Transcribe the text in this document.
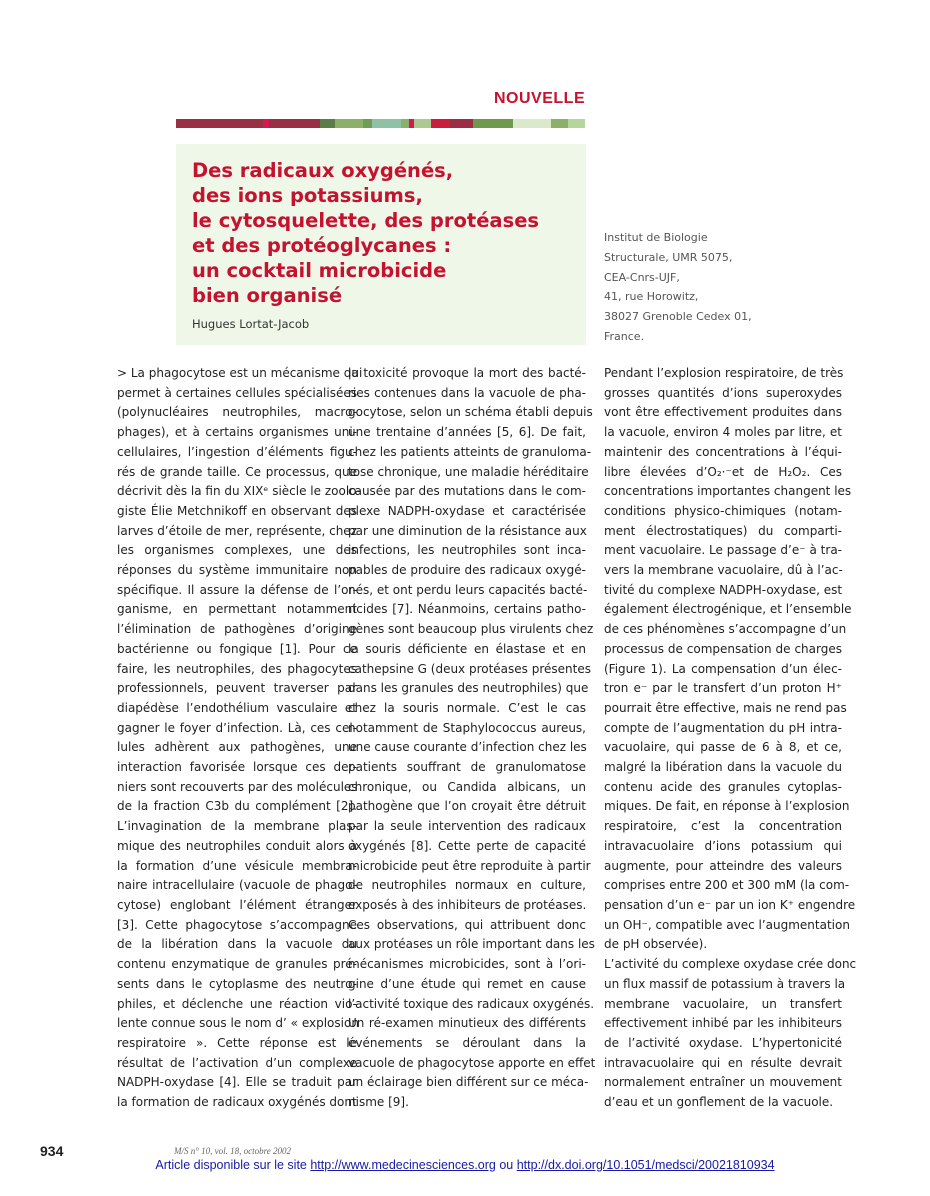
NOUVELLE
Des radicaux oxygénés,
des ions potassiums,
le cytosquelette, des protéases
et des protéoglycanes :
un cocktail microbicide
bien organisé
Hugues Lortat-Jacob
Institut de Biologie
Structurale, UMR 5075,
CEA-Cnrs-UJF,
41, rue Horowitz,
38027 Grenoble Cedex 01,
France.
> La phagocytose est un mécanisme qui
permet à certaines cellules spécialisées
(polynucléaires neutrophiles, macro-
phages), et à certains organismes uni-
cellulaires, l’ingestion d’éléments figu-
rés de grande taille. Ce processus, que
décrivit dès la fin du XIXᵉ siècle le zoolo-
giste Élie Metchnikoff en observant des
larves d’étoile de mer, représente, chez
les organismes complexes, une des
réponses du système immunitaire non
spécifique. Il assure la défense de l’or-
ganisme, en permettant notamment
l’élimination de pathogènes d’origine
bactérienne ou fongique [1]. Pour ce
faire, les neutrophiles, des phagocytes
professionnels, peuvent traverser par
diapédèse l’endothélium vasculaire et
gagner le foyer d’infection. Là, ces cel-
lules adhèrent aux pathogènes, une
interaction favorisée lorsque ces der-
niers sont recouverts par des molécules
de la fraction C3b du complément [2].
L’invagination de la membrane plas-
mique des neutrophiles conduit alors à
la formation d’une vésicule membra-
naire intracellulaire (vacuole de phago-
cytose) englobant l’élément étranger
[3]. Cette phagocytose s’accompagne
de la libération dans la vacuole du
contenu enzymatique de granules pré-
sents dans le cytoplasme des neutro-
philes, et déclenche une réaction vio-
lente connue sous le nom d’ « explosion
respiratoire ». Cette réponse est le
résultat de l’activation d’un complexe
NADPH-oxydase [4]. Elle se traduit par
la formation de radicaux oxygénés dont
la toxicité provoque la mort des bacté-
ries contenues dans la vacuole de pha-
gocytose, selon un schéma établi depuis
une trentaine d’années [5, 6]. De fait,
chez les patients atteints de granuloma-
tose chronique, une maladie héréditaire
causée par des mutations dans le com-
plexe NADPH-oxydase et caractérisée
par une diminution de la résistance aux
infections, les neutrophiles sont inca-
pables de produire des radicaux oxygé-
nés, et ont perdu leurs capacités bacté-
ricides [7]. Néanmoins, certains patho-
gènes sont beaucoup plus virulents chez
la souris déficiente en élastase et en
cathepsine G (deux protéases présentes
dans les granules des neutrophiles) que
chez la souris normale. C’est le cas
notamment de Staphylococcus aureus,
une cause courante d’infection chez les
patients souffrant de granulomatose
chronique, ou Candida albicans, un
pathogène que l’on croyait être détruit
par la seule intervention des radicaux
oxygénés [8]. Cette perte de capacité
microbicide peut être reproduite à partir
de neutrophiles normaux en culture,
exposés à des inhibiteurs de protéases.
Ces observations, qui attribuent donc
aux protéases un rôle important dans les
mécanismes microbicides, sont à l’ori-
gine d’une étude qui remet en cause
l’activité toxique des radicaux oxygénés.
Un ré-examen minutieux des différents
événements se déroulant dans la
vacuole de phagocytose apporte en effet
un éclairage bien différent sur ce méca-
nisme [9].
Pendant l’explosion respiratoire, de très
grosses quantités d’ions superoxydes
vont être effectivement produites dans
la vacuole, environ 4 moles par litre, et
maintenir des concentrations à l’équi-
libre élevées d’O₂·⁻et de H₂O₂. Ces
concentrations importantes changent les
conditions physico-chimiques (notam-
ment électrostatiques) du comparti-
ment vacuolaire. Le passage d’e⁻ à tra-
vers la membrane vacuolaire, dû à l’ac-
tivité du complexe NADPH-oxydase, est
également électrogénique, et l’ensemble
de ces phénomènes s’accompagne d’un
processus de compensation de charges
(Figure 1). La compensation d’un élec-
tron e⁻ par le transfert d’un proton H⁺
pourrait être effective, mais ne rend pas
compte de l’augmentation du pH intra-
vacuolaire, qui passe de 6 à 8, et ce,
malgré la libération dans la vacuole du
contenu acide des granules cytoplas-
miques. De fait, en réponse à l’explosion
respiratoire, c’est la concentration
intravacuolaire d’ions potassium qui
augmente, pour atteindre des valeurs
comprises entre 200 et 300 mM (la com-
pensation d’un e⁻ par un ion K⁺ engendre
un OH⁻, compatible avec l’augmentation
de pH observée).
L’activité du complexe oxydase crée donc
un flux massif de potassium à travers la
membrane vacuolaire, un transfert
effectivement inhibé par les inhibiteurs
de l’activité oxydase. L’hypertonicité
intravacuolaire qui en résulte devrait
normalement entraîner un mouvement
d’eau et un gonflement de la vacuole.
934	M/S n° 10, vol. 18, octobre 2002
Article disponible sur le site http://www.medecinesciences.org ou http://dx.doi.org/10.1051/medsci/20021810934
